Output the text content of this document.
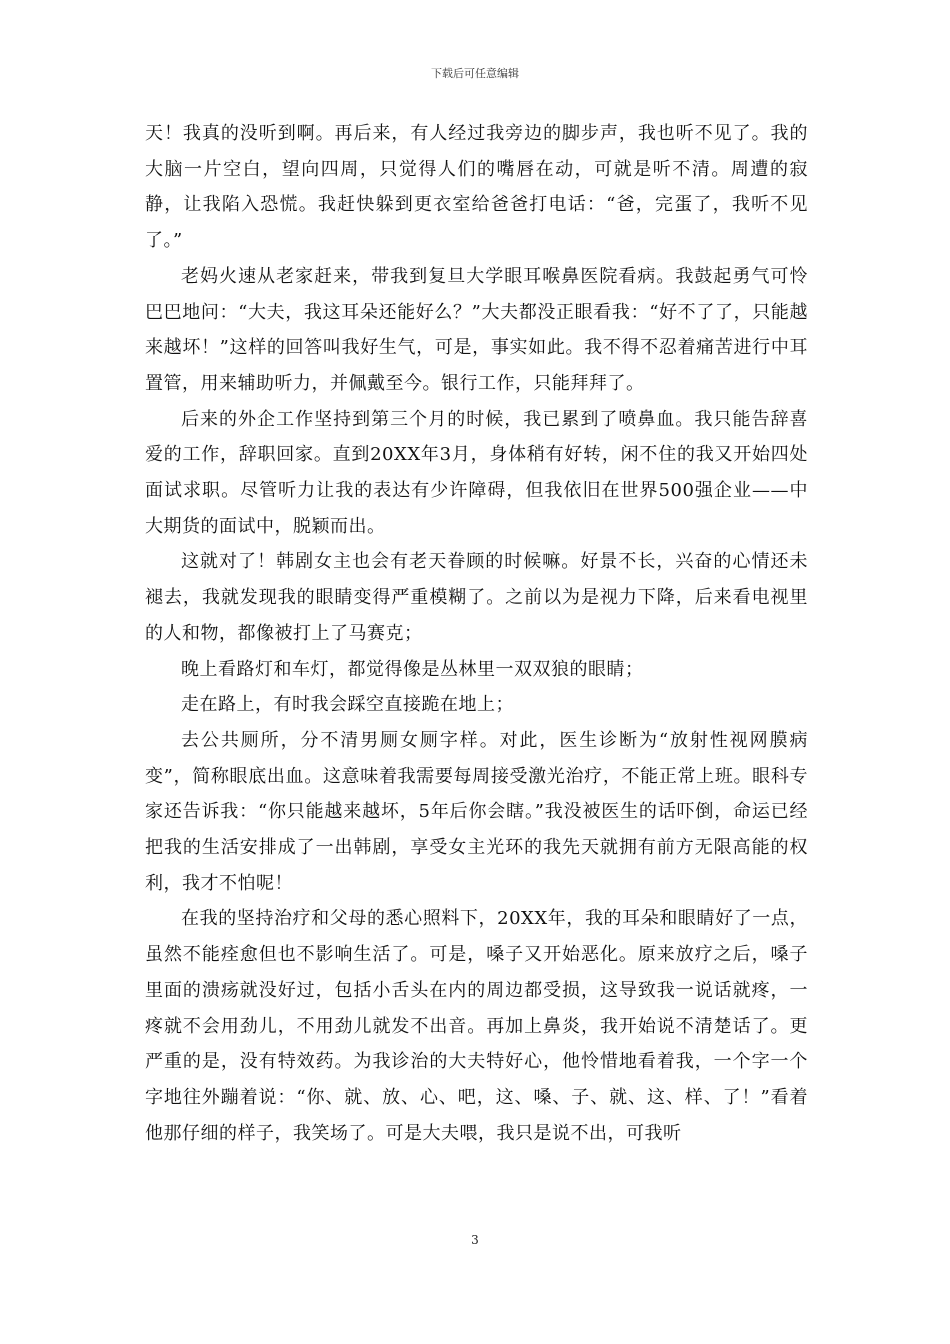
下载后可任意编辑

天！我真的没听到啊。再后来，有人经过我旁边的脚步声，我也听不见了。我的大脑一片空白，望向四周，只觉得人们的嘴唇在动，可就是听不清。周遭的寂静，让我陷入恐慌。我赶快躲到更衣室给爸爸打电话：“爸，完蛋了，我听不见了。”

老妈火速从老家赶来，带我到复旦大学眼耳喉鼻医院看病。我鼓起勇气可怜巴巴地问：“大夫，我这耳朵还能好么？”大夫都没正眼看我：“好不了了，只能越来越坏！”这样的回答叫我好生气，可是，事实如此。我不得不忍着痛苦进行中耳置管，用来辅助听力，并佩戴至今。银行工作，只能拜拜了。

后来的外企工作坚持到第三个月的时候，我已累到了喷鼻血。我只能告辞喜爱的工作，辞职回家。直到20XX年3月，身体稍有好转，闲不住的我又开始四处面试求职。尽管听力让我的表达有少许障碍，但我依旧在世界500强企业——中大期货的面试中，脱颖而出。

这就对了！韩剧女主也会有老天眷顾的时候嘛。好景不长，兴奋的心情还未褪去，我就发现我的眼睛变得严重模糊了。之前以为是视力下降，后来看电视里的人和物，都像被打上了马赛克；

晚上看路灯和车灯，都觉得像是丛林里一双双狼的眼睛；

走在路上，有时我会踩空直接跪在地上；

去公共厕所，分不清男厕女厕字样。对此，医生诊断为“放射性视网膜病变”，简称眼底出血。这意味着我需要每周接受激光治疗，不能正常上班。眼科专家还告诉我：“你只能越来越坏，5年后你会瞎。”我没被医生的话吓倒，命运已经把我的生活安排成了一出韩剧，享受女主光环的我先天就拥有前方无限高能的权利，我才不怕呢！

在我的坚持治疗和父母的悉心照料下，20XX年，我的耳朵和眼睛好了一点，虽然不能痊愈但也不影响生活了。可是，嗓子又开始恶化。原来放疗之后，嗓子里面的溃疡就没好过，包括小舌头在内的周边都受损，这导致我一说话就疼，一疼就不会用劲儿，不用劲儿就发不出音。再加上鼻炎，我开始说不清楚话了。更严重的是，没有特效药。为我诊治的大夫特好心，他怜惜地看着我，一个字一个字地往外蹦着说：“你、就、放、心、吧，这、嗓、子、就、这、样、了！”看着他那仔细的样子，我笑场了。可是大夫喂，我只是说不出，可我听

3
